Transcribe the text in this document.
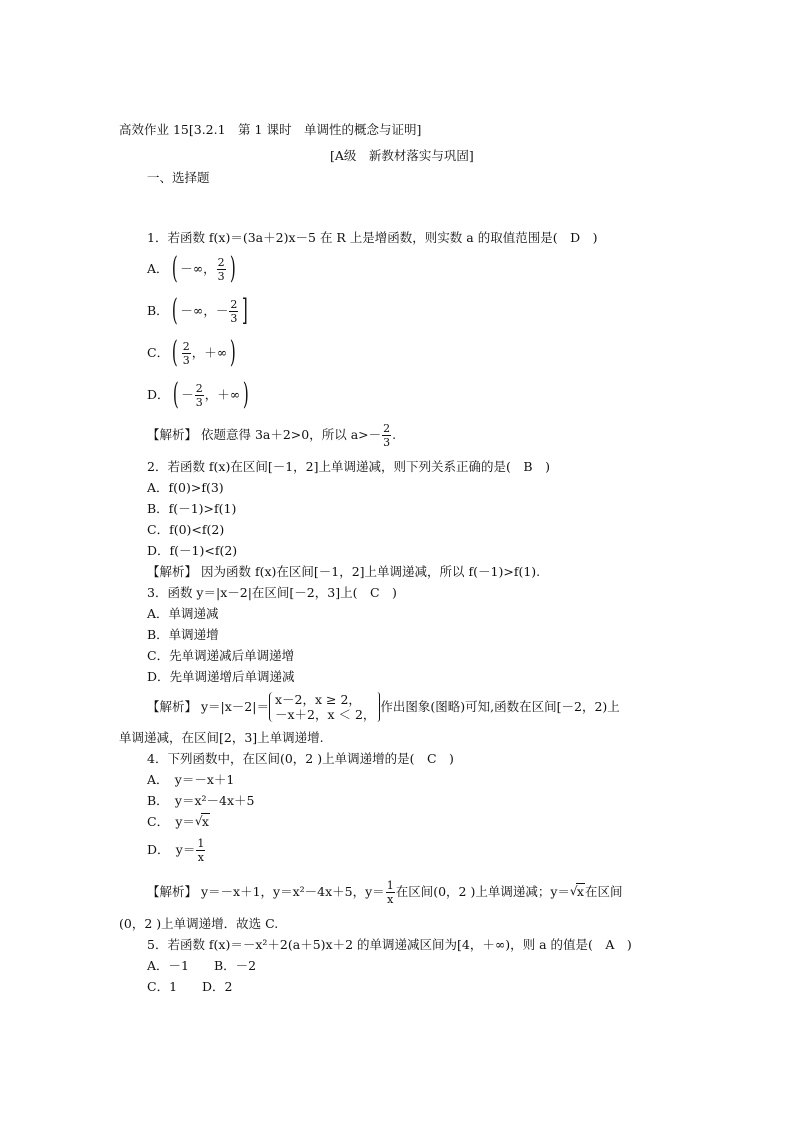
高效作业 15[3.2.1　第 1 课时　单调性的概念与证明]
[A级　新教材落实与巩固]
一、选择题
1．若函数 f(x)＝(3a＋2)x－5 在 R 上是增函数，则实数 a 的取值范围是(　D　)
A． ( －∞， $\frac{2}{3}$ )
B． ( －∞，－ $\frac{2}{3}$ ]
C． ( $\frac{2}{3}$ ，＋∞ )
D． ( － $\frac{2}{3}$ ，＋∞ )
【解析】 依题意得 3a＋2>0，所以 $a>- \frac{2}{3}$ .
2．若函数 f(x)在区间[－1，2]上单调递减，则下列关系正确的是(　B　)
A．f(0)>f(3)
B．f(－1)>f(1)
C．f(0)<f(2)
D．f(－1)<f(2)
【解析】 因为函数 f(x)在区间[－1，2]上单调递减，所以 f(－1)>f(1).
3．函数 y＝|x－2|在区间[－2，3]上(　C　)
A．单调递减
B．单调递增
C．先单调递减后单调递增
D．先单调递增后单调递减
【解析】 y＝|x－2|＝ x－2，x ≥ 2，
－x＋2，x ＜ 2，
作出图象(图略)可知,函数在区间[－2，2)上
单调递减，在区间[2，3]上单调递增.
4．下列函数中，在区间(0，2 )上单调递增的是(　C　)
A．　y＝－x＋1
B．　y＝x²－4x＋5
C．　y＝ √ x
D．　$y= \frac{1}{x}$
【解析】 y＝－x＋1，y＝x²－4x＋5，$y= \frac{1}{x}$ 在区间(0，2 )上单调递减；y＝ √ x 在区间
(0，2 )上单调递增．故选 C.
5．若函数 f(x)＝－x²＋2(a＋5)x＋2 的单调递减区间为[4，＋∞)，则 a 的值是(　A　)
A．－1　　B．－2
C．1　　D．2
